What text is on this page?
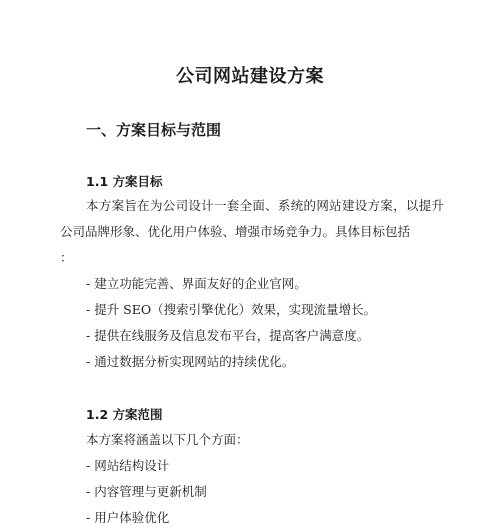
公司网站建设方案
一、方案目标与范围
1.1 方案目标

本方案旨在为公司设计一套全面、系统的网站建设方案，以提升公司品牌形象、优化用户体验、增强市场竞争力。具体目标包括

：

- 建立功能完善、界面友好的企业官网。

- 提升 SEO（搜索引擎优化）效果，实现流量增长。

- 提供在线服务及信息发布平台，提高客户满意度。

- 通过数据分析实现网站的持续优化。

1.2 方案范围

本方案将涵盖以下几个方面：

- 网站结构设计

- 内容管理与更新机制

- 用户体验优化
